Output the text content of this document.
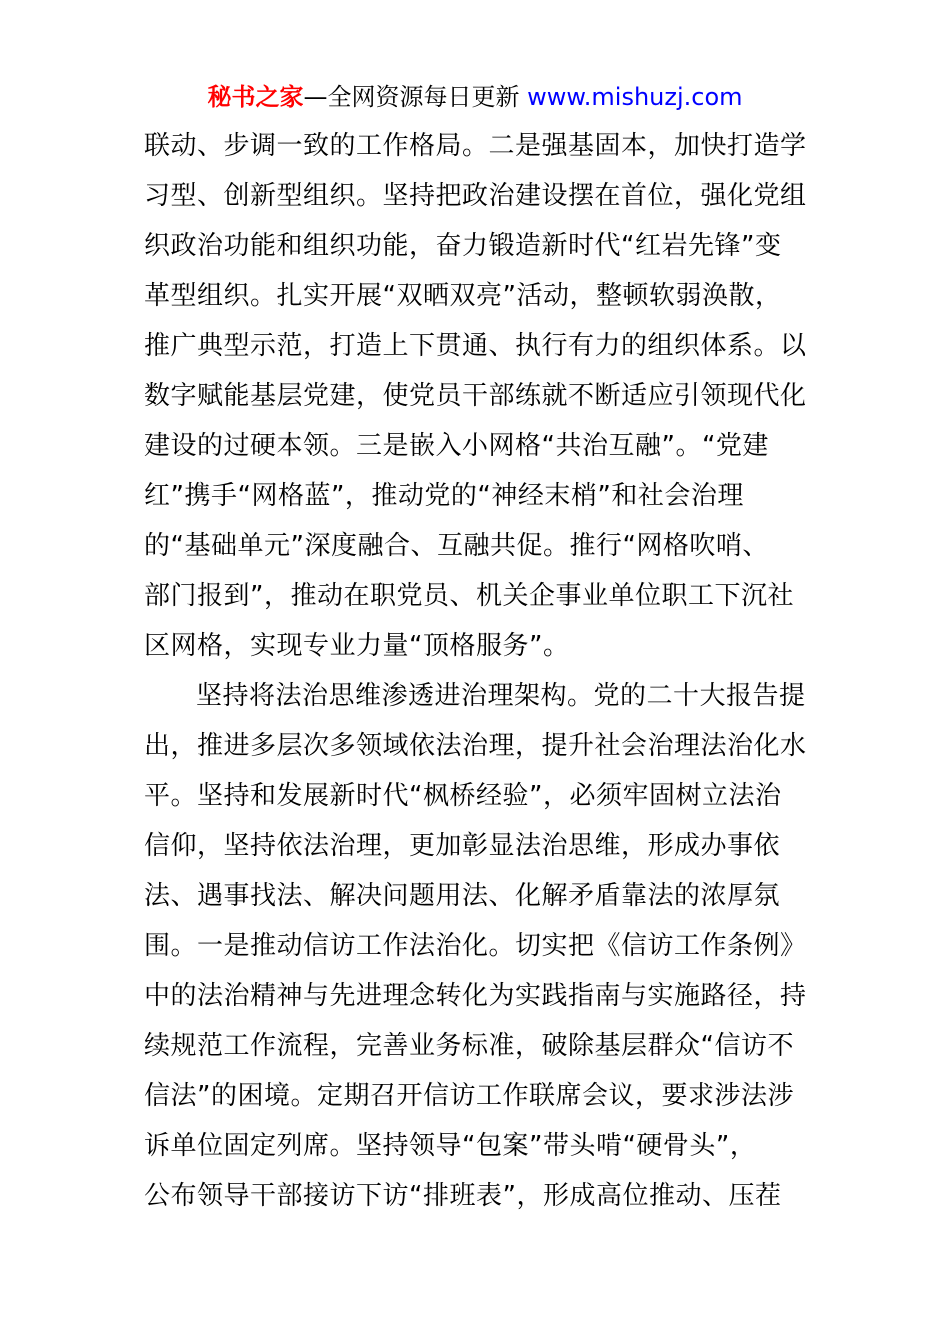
秘书之家—全网资源每日更新 www.mishuzj.com
联动、步调一致的工作格局。二是强基固本，加快打造学
习型、创新型组织。坚持把政治建设摆在首位，强化党组
织政治功能和组织功能，奋力锻造新时代“红岩先锋”变
革型组织。扎实开展“双晒双亮”活动，整顿软弱涣散，
推广典型示范，打造上下贯通、执行有力的组织体系。以
数字赋能基层党建，使党员干部练就不断适应引领现代化
建设的过硬本领。三是嵌入小网格“共治互融”。“党建
红”携手“网格蓝”，推动党的“神经末梢”和社会治理
的“基础单元”深度融合、互融共促。推行“网格吹哨、
部门报到”，推动在职党员、机关企事业单位职工下沉社
区网格，实现专业力量“顶格服务”。
坚持将法治思维渗透进治理架构。党的二十大报告提
出，推进多层次多领域依法治理，提升社会治理法治化水
平。坚持和发展新时代“枫桥经验”，必须牢固树立法治
信仰，坚持依法治理，更加彰显法治思维，形成办事依
法、遇事找法、解决问题用法、化解矛盾靠法的浓厚氛
围。一是推动信访工作法治化。切实把《信访工作条例》
中的法治精神与先进理念转化为实践指南与实施路径，持
续规范工作流程，完善业务标准，破除基层群众“信访不
信法”的困境。定期召开信访工作联席会议，要求涉法涉
诉单位固定列席。坚持领导“包案”带头啃“硬骨头”，
公布领导干部接访下访“排班表”，形成高位推动、压茬
